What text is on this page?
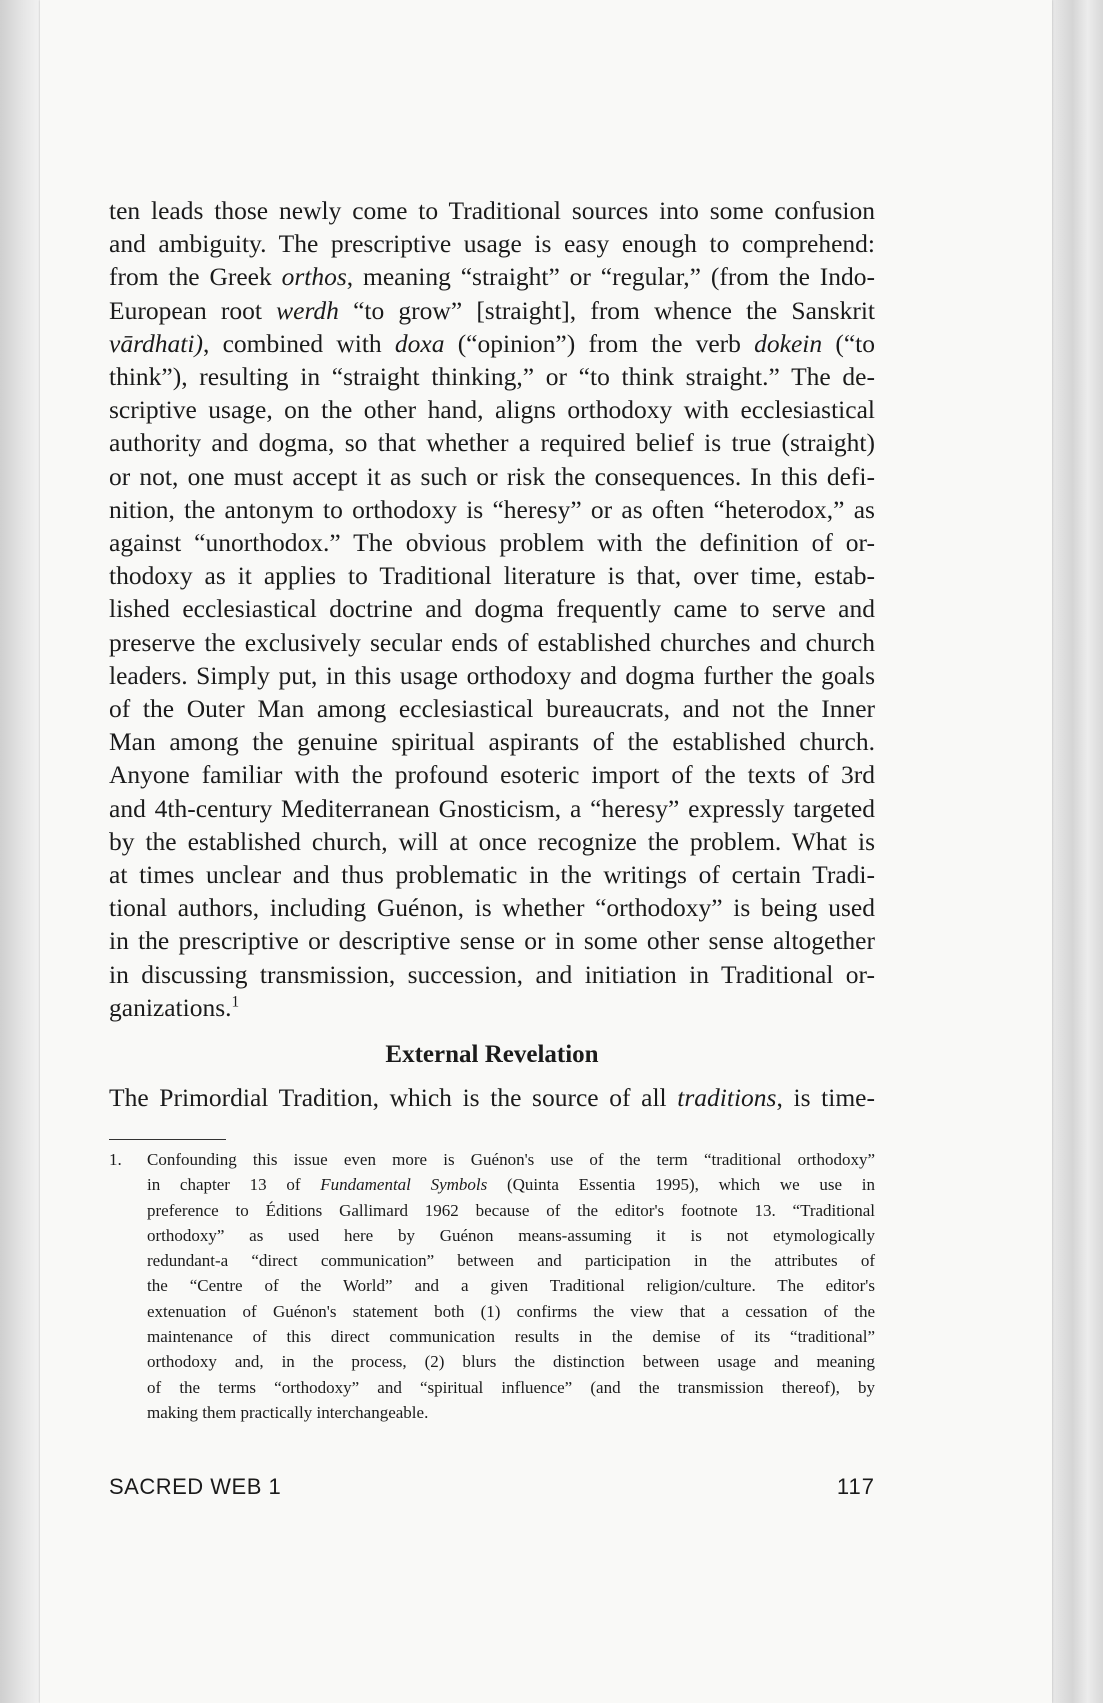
ten leads those newly come to Traditional sources into some confusion
and ambiguity. The prescriptive usage is easy enough to comprehend:
from the Greek orthos, meaning “straight” or “regular,” (from the Indo-
European root werdh “to grow” [straight], from whence the Sanskrit
vārdhati), combined with doxa (“opinion”) from the verb dokein (“to
think”), resulting in “straight thinking,” or “to think straight.” The de-
scriptive usage, on the other hand, aligns orthodoxy with ecclesiastical
authority and dogma, so that whether a required belief is true (straight)
or not, one must accept it as such or risk the consequences. In this defi-
nition, the antonym to orthodoxy is “heresy” or as often “heterodox,” as
against “unorthodox.” The obvious problem with the definition of or-
thodoxy as it applies to Traditional literature is that, over time, estab-
lished ecclesiastical doctrine and dogma frequently came to serve and
preserve the exclusively secular ends of established churches and church
leaders. Simply put, in this usage orthodoxy and dogma further the goals
of the Outer Man among ecclesiastical bureaucrats, and not the Inner
Man among the genuine spiritual aspirants of the established church.
Anyone familiar with the profound esoteric import of the texts of 3rd
and 4th-century Mediterranean Gnosticism, a “heresy” expressly targeted
by the established church, will at once recognize the problem. What is
at times unclear and thus problematic in the writings of certain Tradi-
tional authors, including Guénon, is whether “orthodoxy” is being used
in the prescriptive or descriptive sense or in some other sense altogether
in discussing transmission, succession, and initiation in Traditional or-
ganizations.$^1$
External Revelation

The Primordial Tradition, which is the source of all traditions, is time-

1. Confounding this issue even more is Guénon's use of the term “traditional orthodoxy”
in chapter 13 of Fundamental Symbols (Quinta Essentia 1995), which we use in
preference to Éditions Gallimard 1962 because of the editor's footnote 13. “Traditional
orthodoxy” as used here by Guénon means-assuming it is not etymologically
redundant-a “direct communication” between and participation in the attributes of
the “Centre of the World” and a given Traditional religion/culture. The editor's
extenuation of Guénon's statement both (1) confirms the view that a cessation of the
maintenance of this direct communication results in the demise of its “traditional”
orthodoxy and, in the process, (2) blurs the distinction between usage and meaning
of the terms “orthodoxy” and “spiritual influence” (and the transmission thereof), by
making them practically interchangeable.
SACRED WEB 1	117
